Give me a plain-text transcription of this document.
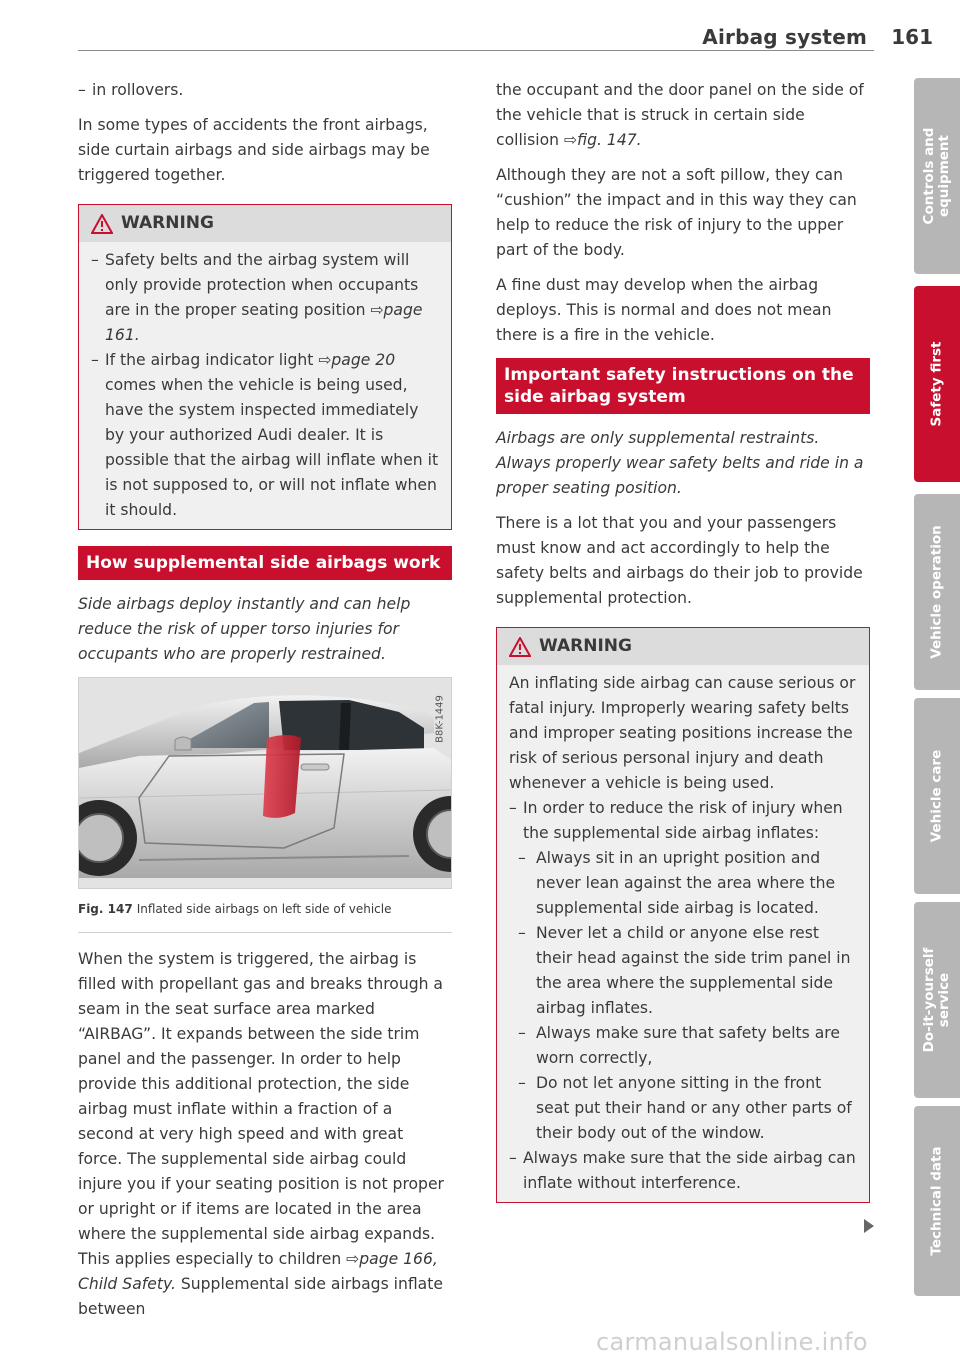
Airbag system 161
– in rollovers.
In some types of accidents the front airbags, side curtain airbags and side airbags may be triggered together.
WARNING
– Safety belts and the airbag system will only provide protection when occupants are in the proper seating position ⇨page 161.
– If the airbag indicator light ⇨page 20 comes when the vehicle is being used, have the system inspected immediately by your authorized Audi dealer. It is possible that the airbag will inflate when it is not supposed to, or will not inflate when it should.
How supplemental side airbags work
Side airbags deploy instantly and can help reduce the risk of upper torso injuries for occupants who are properly restrained.
B8K-1449
Fig. 147 Inflated side airbags on left side of vehicle
When the system is triggered, the airbag is filled with propellant gas and breaks through a seam in the seat surface area marked “AIRBAG”. It expands between the side trim panel and the passenger. In order to help provide this additional protection, the side airbag must inflate within a fraction of a second at very high speed and with great force. The supplemental side airbag could injure you if your seating position is not proper or upright or if items are located in the area where the supplemental side airbag expands. This applies especially to children ⇨page 166, Child Safety. Supplemental side airbags inflate between
the occupant and the door panel on the side of the vehicle that is struck in certain side collision ⇨fig. 147.
Although they are not a soft pillow, they can “cushion” the impact and in this way they can help to reduce the risk of injury to the upper part of the body.
A fine dust may develop when the airbag deploys. This is normal and does not mean there is a fire in the vehicle.
Important safety instructions on the side airbag system
Airbags are only supplemental restraints. Always properly wear safety belts and ride in a proper seating position.
There is a lot that you and your passengers must know and act accordingly to help the safety belts and airbags do their job to provide supplemental protection.
WARNING
An inflating side airbag can cause serious or fatal injury. Improperly wearing safety belts and improper seating positions increase the risk of serious personal injury and death whenever a vehicle is being used.
– In order to reduce the risk of injury when the supplemental side airbag inflates:
– Always sit in an upright position and never lean against the area where the supplemental side airbag is located.
– Never let a child or anyone else rest their head against the side trim panel in the area where the supplemental side airbag inflates.
– Always make sure that safety belts are worn correctly,
– Do not let anyone sitting in the front seat put their hand or any other parts of their body out of the window.
– Always make sure that the side airbag can inflate without interference.
Controls and equipment
Safety first
Vehicle operation
Vehicle care
Do-it-yourself service
Technical data
carmanualsonline.info
